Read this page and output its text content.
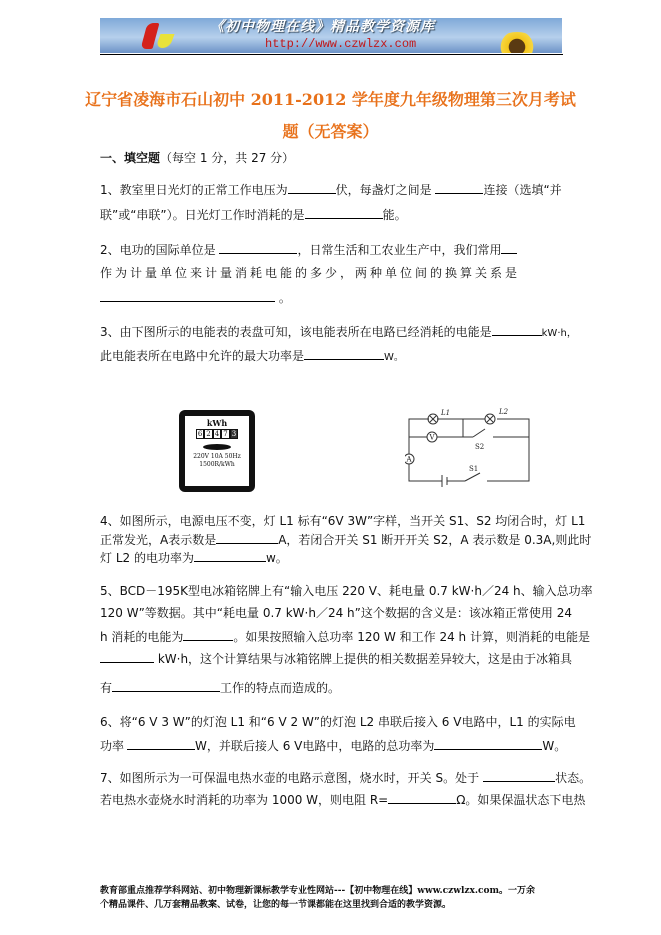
《初中物理在线》精品教学资源库
http://www.czwlzx.com
辽宁省凌海市石山初中 2011-2012 学年度九年级物理第三次月考试
题（无答案）
一、填空题（每空 1 分，共 27 分）
1、教室里日光灯的正常工作电压为	伏，每盏灯之间是	连接（选填“并
联”或“串联”）。日光灯工作时消耗的是	能。
2、电功的国际单位是	，日常生活和工农业生产中，我们常用
作为计量单位来计量消耗电能的多少，两种单位间的换算关系是
。
3、由下图所示的电能表的表盘可知，该电能表所在电路已经消耗的电能是	kW·h，
此电能表所在电路中允许的最大功率是	W。
kWh
6 2 4 7 3
220V 10A 50Hz
1500R/kWh
L1	L2
V
A
S1
S2
4、如图所示，电源电压不变，灯 L1 标有“6V 3W”字样，当开关 S1、S2 均闭合时，灯 L1
正常发光，A表示数是	A，若闭合开关 S1 断开开关 S2，A 表示数是 0.3A,则此时
灯 L2 的电功率为	w。
5、BCD－195K型电冰箱铭牌上有“输入电压 220 V、耗电量 0.7 kW·h／24 h、输入总功率
120 W”等数据。其中“耗电量 0.7 kW·h／24 h”这个数据的含义是：该冰箱正常使用 24
h 消耗的电能为	。如果按照输入总功率 120 W 和工作 24 h 计算，则消耗的电能是
kW·h，这个计算结果与冰箱铭牌上提供的相关数据差异较大，这是由于冰箱具
有	工作的特点而造成的。
6、将“6 V 3 W”的灯泡 L1 和“6 V 2 W”的灯泡 L2 串联后接入 6 V电路中，L1 的实际电
功率	W，并联后接人 6 V电路中，电路的总功率为	W。
7、如图所示为一可保温电热水壶的电路示意图，烧水时，开关 S。处于	状态。
若电热水壶烧水时消耗的功率为 1000 W，则电阻 R=	Ω。如果保温状态下电热
教育部重点推荐学科网站、初中物理新课标教学专业性网站---【初中物理在线】www.czwlzx.com。一万余
个精品课件、几万套精品教案、试卷，让您的每一节课都能在这里找到合适的教学资源。
